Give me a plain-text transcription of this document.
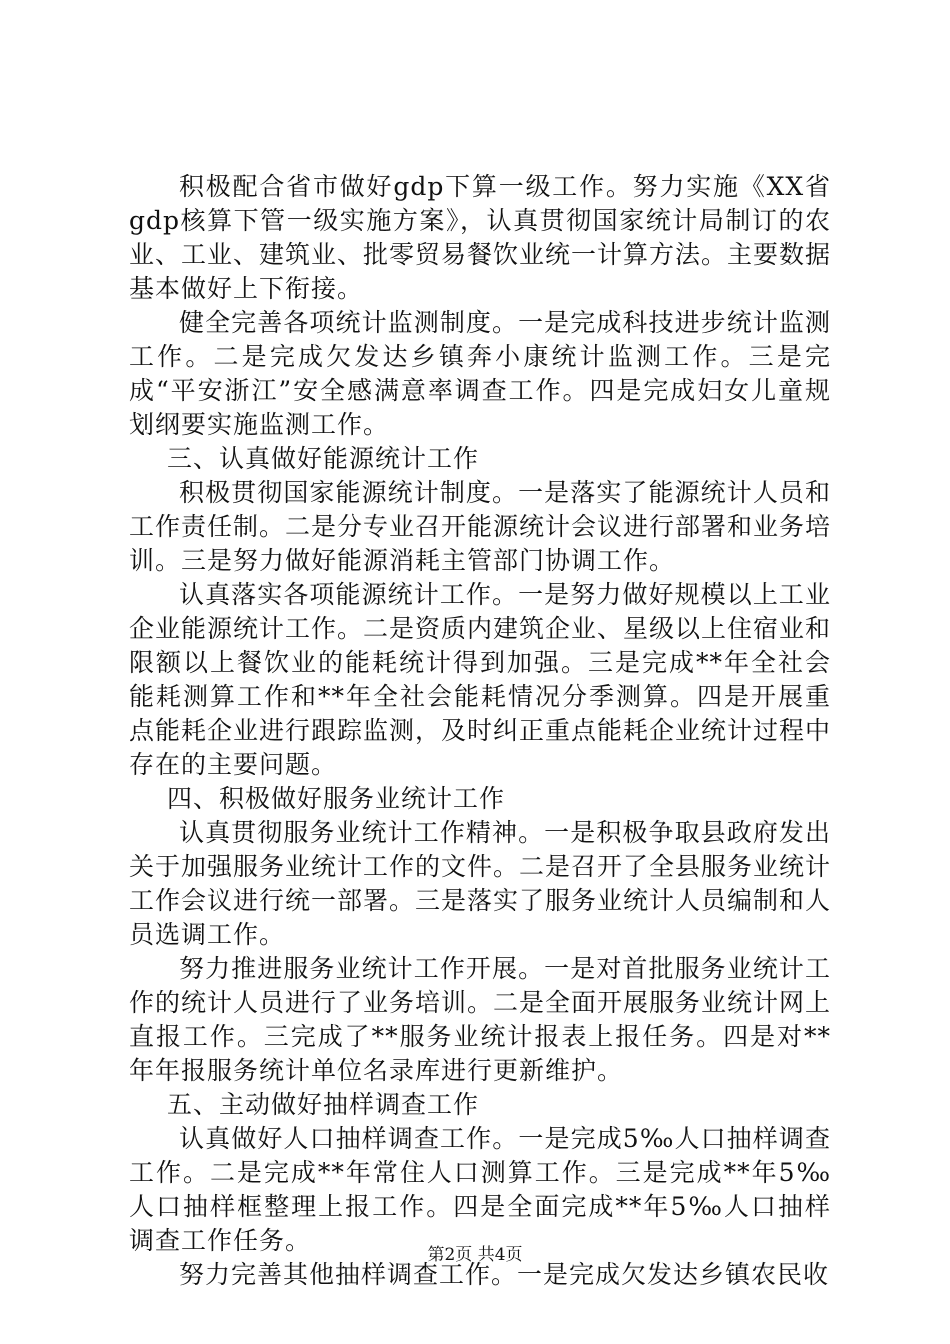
积极配合省市做好gdp下算一级工作。努力实施《XX省gdp核算下管一级实施方案》，认真贯彻国家统计局制订的农业、工业、建筑业、批零贸易餐饮业统一计算方法。主要数据基本做好上下衔接。

健全完善各项统计监测制度。一是完成科技进步统计监测工作。二是完成欠发达乡镇奔小康统计监测工作。三是完成“平安浙江”安全感满意率调查工作。四是完成妇女儿童规划纲要实施监测工作。

三、认真做好能源统计工作

积极贯彻国家能源统计制度。一是落实了能源统计人员和工作责任制。二是分专业召开能源统计会议进行部署和业务培训。三是努力做好能源消耗主管部门协调工作。

认真落实各项能源统计工作。一是努力做好规模以上工业企业能源统计工作。二是资质内建筑企业、星级以上住宿业和限额以上餐饮业的能耗统计得到加强。三是完成**年全社会能耗测算工作和**年全社会能耗情况分季测算。四是开展重点能耗企业进行跟踪监测，及时纠正重点能耗企业统计过程中存在的主要问题。

四、积极做好服务业统计工作

认真贯彻服务业统计工作精神。一是积极争取县政府发出关于加强服务业统计工作的文件。二是召开了全县服务业统计工作会议进行统一部署。三是落实了服务业统计人员编制和人员选调工作。

努力推进服务业统计工作开展。一是对首批服务业统计工作的统计人员进行了业务培训。二是全面开展服务业统计网上直报工作。三完成了**服务业统计报表上报任务。四是对**年年报服务统计单位名录库进行更新维护。

五、主动做好抽样调查工作

认真做好人口抽样调查工作。一是完成5‰人口抽样调查工作。二是完成**年常住人口测算工作。三是完成**年5‰人口抽样框整理上报工作。四是全面完成**年5‰人口抽样调查工作任务。

努力完善其他抽样调查工作。一是完成欠发达乡镇农民收

第2页 共4页
